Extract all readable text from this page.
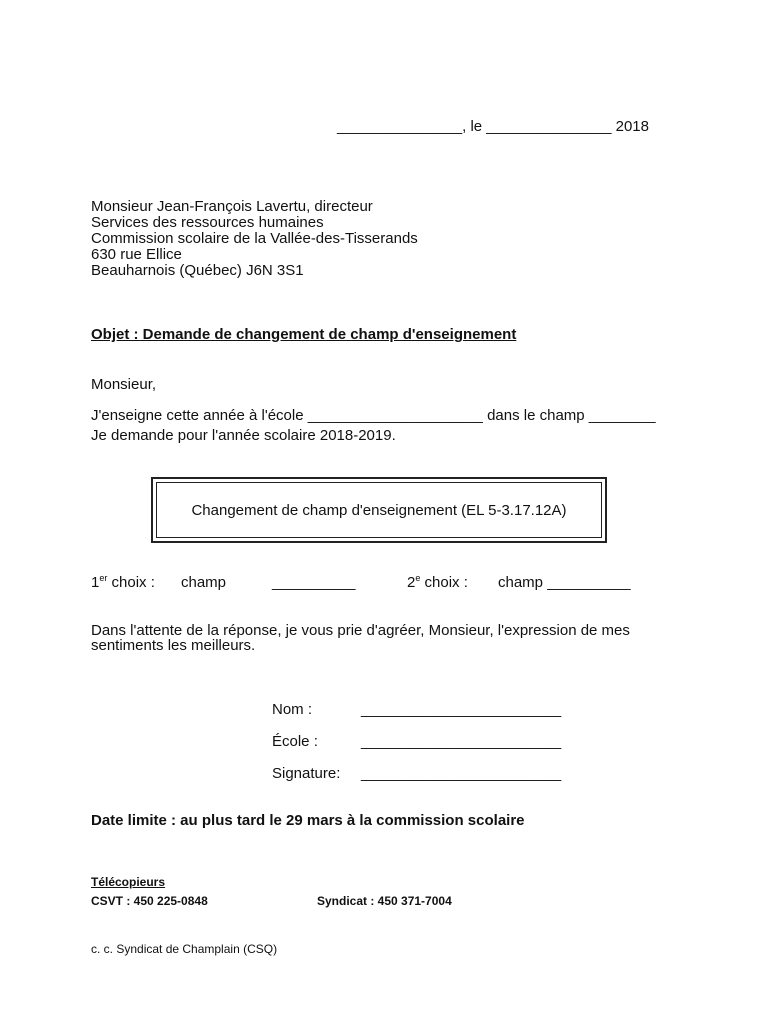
_______________, le _______________ 2018
Monsieur Jean-François Lavertu, directeur
Services des ressources humaines
Commission scolaire de la Vallée-des-Tisserands
630 rue Ellice
Beauharnois (Québec) J6N 3S1
Objet : Demande de changement de champ d'enseignement
Monsieur,
J'enseigne cette année à l'école _____________________ dans le champ ________
Je demande pour l'année scolaire 2018-2019.
Changement de champ d'enseignement (EL 5-3.17.12A)
1er choix : champ	__________	2e choix : champ __________
Dans l'attente de la réponse, je vous prie d'agréer, Monsieur, l'expression de mes
sentiments les meilleurs.
Nom :	________________________
École :	________________________
Signature: ________________________
Date limite : au plus tard le 29 mars à la commission scolaire
Télécopieurs
CSVT : 450 225-0848	Syndicat : 450 371-7004
c. c. Syndicat de Champlain (CSQ)
